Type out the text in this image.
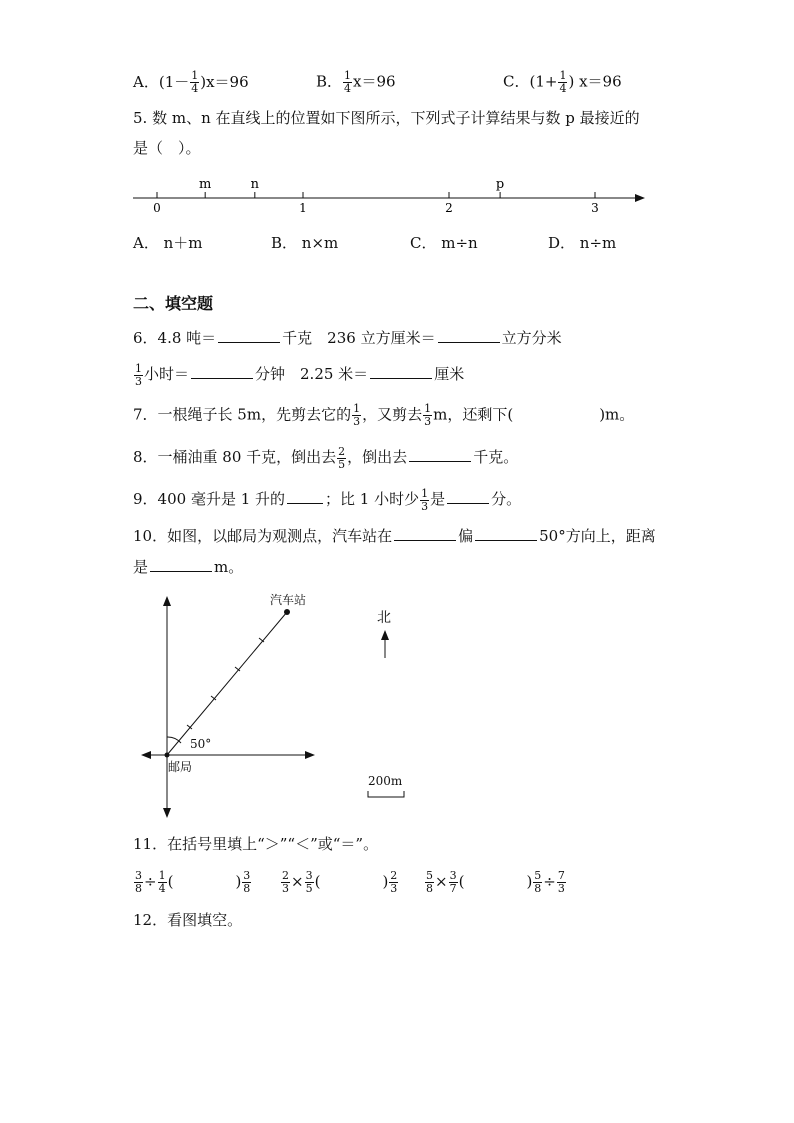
A．$(1- \frac{1}{4} )x=96$	B． $\frac{1}{4} x=96$	C．($1+ \frac{1}{4}$ ) x＝96
5. 数 m、n 在直线上的位置如下图所示，下列式子计算结果与数 p 最接近的
是（　）。
0	1	2	3
m	n	p
A． n＋m	B． n×m	C． m÷n	D． n÷m
二、填空题
6．4.8 吨＝	千克　236 立方厘米＝	立方分米
$\frac{1}{3}$ 小时＝	分钟　2.25 米＝	厘米
7．一根绳子长 5m，先剪去它的 $\frac{1}{3}$ ，又剪去 $\frac{1}{3}$ m，还剩下(	)m。
8．一桶油重 80 千克，倒出去 $\frac{2}{5}$ ，倒出去	千克。
9．400 毫升是 1 升的	；比 1 小时少 $\frac{1}{3}$ 是	分。
10．如图，以邮局为观测点，汽车站在	偏	50°方向上，距离
是	m。
50°
汽车站
邮局
北
200m
11．在括号里填上“＞”“＜”或“＝”。
$\frac{3}{8} \div \frac{1}{4}$ (	) $\frac{3}{8}$	$\frac{2}{3} \times \frac{3}{5}$ (	) $\frac{2}{3} \frac{5}{8} \times \frac{3}{7}$ (	) $\frac{5}{8} \div \frac{7}{3}$
12．看图填空。
